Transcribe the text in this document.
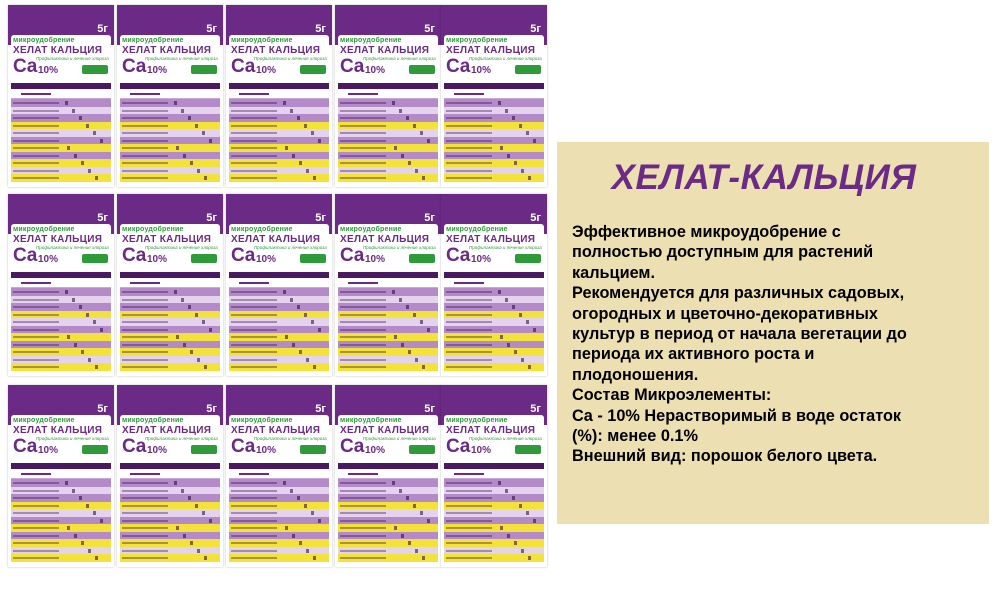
5г
микроудобрение
ХЕЛАТ КАЛЬЦИЯ
Профилактика и лечение хлороза
Ca 10%
5г
микроудобрение
ХЕЛАТ КАЛЬЦИЯ
Профилактика и лечение хлороза
Ca 10%
5г
микроудобрение
ХЕЛАТ КАЛЬЦИЯ
Профилактика и лечение хлороза
Ca 10%
5г
микроудобрение
ХЕЛАТ КАЛЬЦИЯ
Профилактика и лечение хлороза
Ca 10%
5г
микроудобрение
ХЕЛАТ КАЛЬЦИЯ
Профилактика и лечение хлороза
Ca 10%
5г
микроудобрение
ХЕЛАТ КАЛЬЦИЯ
Профилактика и лечение хлороза
Ca 10%
5г
микроудобрение
ХЕЛАТ КАЛЬЦИЯ
Профилактика и лечение хлороза
Ca 10%
5г
микроудобрение
ХЕЛАТ КАЛЬЦИЯ
Профилактика и лечение хлороза
Ca 10%
5г
микроудобрение
ХЕЛАТ КАЛЬЦИЯ
Профилактика и лечение хлороза
Ca 10%
5г
микроудобрение
ХЕЛАТ КАЛЬЦИЯ
Профилактика и лечение хлороза
Ca 10%
5г
микроудобрение
ХЕЛАТ КАЛЬЦИЯ
Профилактика и лечение хлороза
Ca 10%
5г
микроудобрение
ХЕЛАТ КАЛЬЦИЯ
Профилактика и лечение хлороза
Ca 10%
5г
микроудобрение
ХЕЛАТ КАЛЬЦИЯ
Профилактика и лечение хлороза
Ca 10%
5г
микроудобрение
ХЕЛАТ КАЛЬЦИЯ
Профилактика и лечение хлороза
Ca 10%
5г
микроудобрение
ХЕЛАТ КАЛЬЦИЯ
Профилактика и лечение хлороза
Ca 10%
ХЕЛАТ-КАЛЬЦИЯ

Эффективное микроудобрение с

полностью доступным для растений

кальцием.

Рекомендуется для различных садовых,

огородных и цветочно-декоративных

культур в период от начала вегетации до

периода их активного роста и

плодоношения.

Состав Микроэлементы:

Ca - 10% Нерастворимый в воде остаток

(%): менее 0.1%

Внешний вид: порошок белого цвета.
